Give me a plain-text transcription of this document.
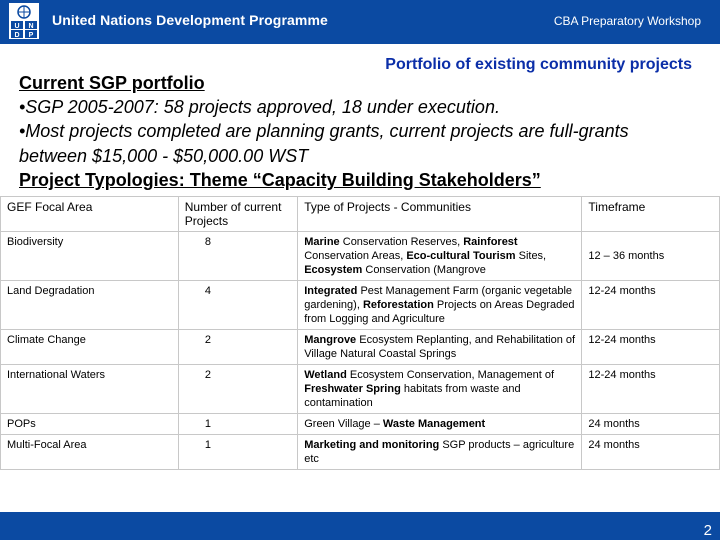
U N
D P
United Nations Development Programme	CBA Preparatory Workshop
Portfolio of existing community projects
Current SGP portfolio
•SGP 2005-2007: 58 projects approved, 18 under execution.
•Most projects completed are planning grants, current projects are full-grants
between $15,000 - $50,000.00 WST
Project Typologies: Theme “Capacity Building Stakeholders”
GEF Focal Area	Number of current Projects	Type of Projects - Communities	Timeframe
Biodiversity	8	Marine Conservation Reserves, Rainforest Conservation Areas, Eco-cultural Tourism Sites, Ecosystem Conservation (Mangrove	12 – 36 months
Land Degradation	4	Integrated Pest Management Farm (organic vegetable gardening), Reforestation Projects on Areas Degraded from Logging and Agriculture	12-24 months
Climate Change	2	Mangrove Ecosystem Replanting, and Rehabilitation of Village Natural Coastal Springs	12-24 months
International Waters	2	Wetland Ecosystem Conservation, Management of Freshwater Spring habitats from waste and contamination	12-24 months
POPs	1	Green Village – Waste Management	24 months
Multi-Focal Area	1	Marketing and monitoring SGP products – agriculture etc	24 months
2
